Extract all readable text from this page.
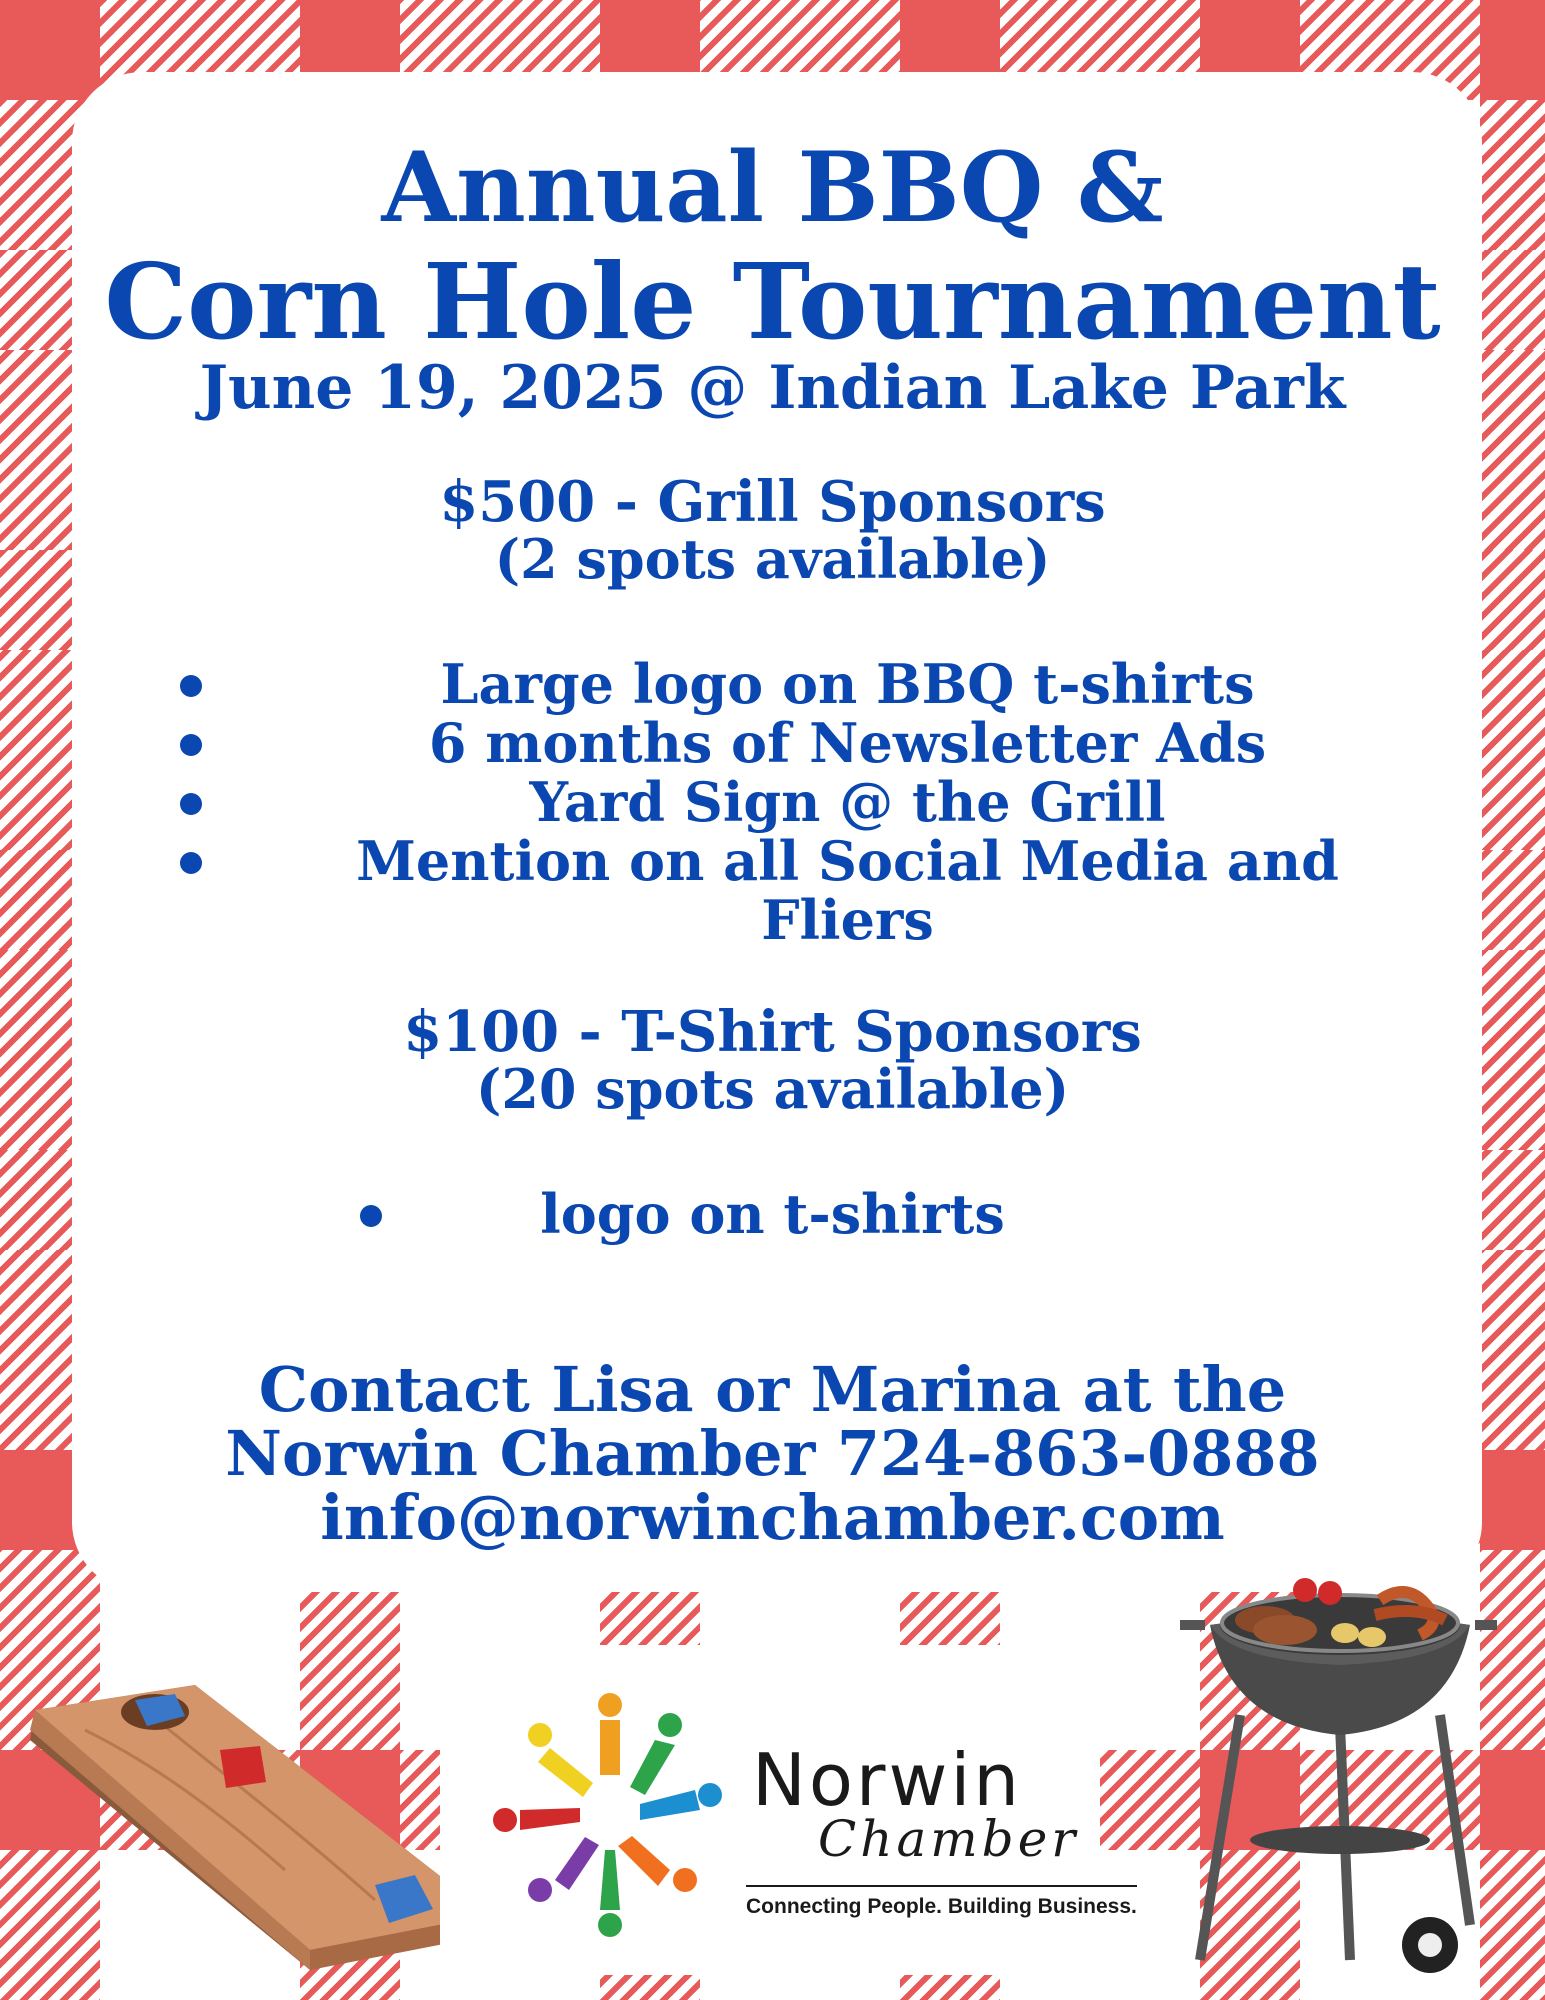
Annual BBQ &
Corn Hole Tournament
June 19, 2025 @ Indian Lake Park
$500 - Grill Sponsors
(2 spots available)
Large logo on BBQ t-shirts
6 months of Newsletter Ads
Yard Sign @ the Grill
Mention on all Social Media and
Fliers
$100 - T-Shirt Sponsors
(20 spots available)
logo on t-shirts
Contact Lisa or Marina at the
Norwin Chamber 724-863-0888
info@norwinchamber.com
Norwin
Chamber
Connecting People. Building Business.
